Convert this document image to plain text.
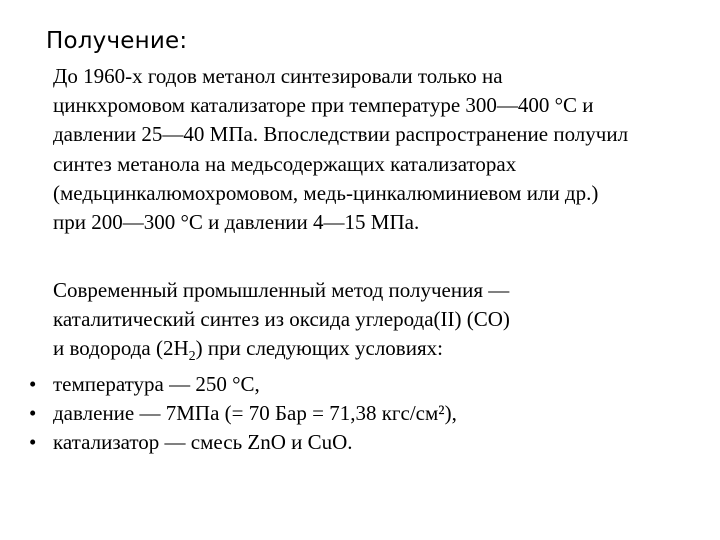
Получение:
До 1960-х годов метанол синтезировали только на
цинкхромовом катализаторе при температуре 300—400 °C и
давлении 25—40 МПа. Впоследствии распространение получил
синтез метанола на медьсодержащих катализаторах
(медьцинкалюмохромовом, медь-цинкалюминиевом или др.)
при 200—300 °C и давлении 4—15 МПа.
Современный промышленный метод получения —
каталитический синтез из оксида углерода(II) (CO)
и водорода $(2H_2)$ при следующих условиях:
• температура — 250 °C,
• давление — 7МПа (= 70 Бар = 71,38 кгс/см²),
• катализатор — смесь ZnO и CuO.
